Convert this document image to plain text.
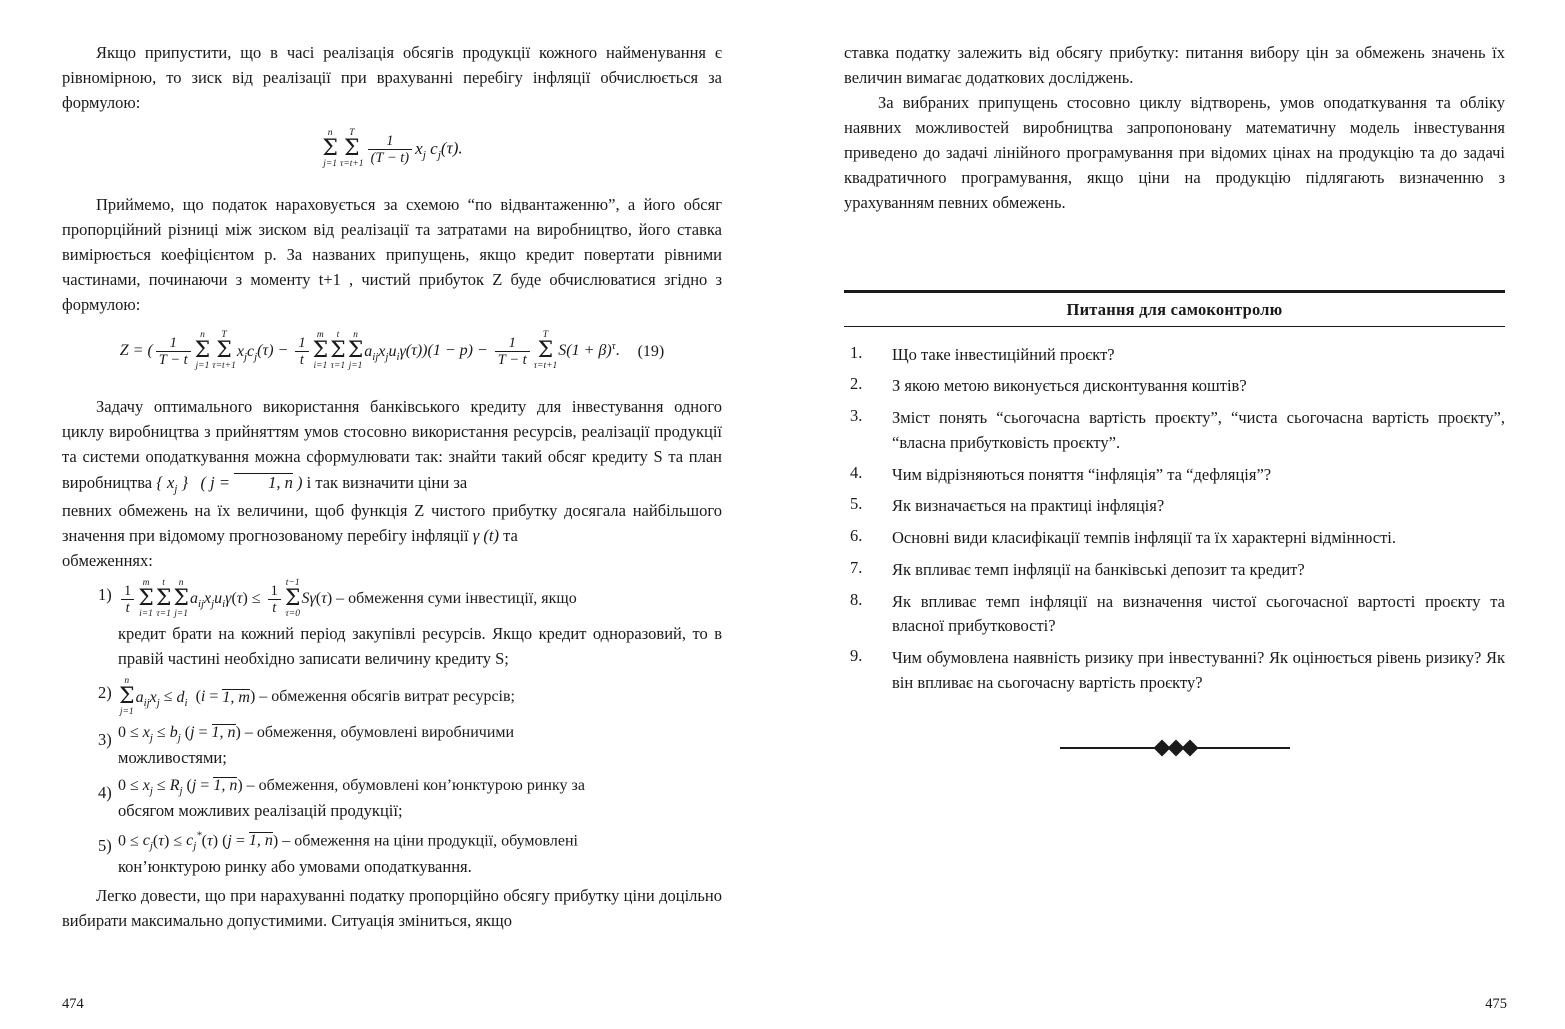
Якщо припустити, що в часі реалізація обсягів продукції кожного найменування є рівномірною, то зиск від реалізації при врахуванні перебігу інфляції обчислюється за формулою:

n
Σ
j=1
T
Σ
$\tau=t+1 \frac{1}{(T - t)} x_j$ $c_j(\tau)$.

Приймемо, що податок нараховується за схемою “по відвантаженню”, а його обсяг пропорційний різниці між зиском від реалізації та затратами на виробництво, його ставка вимірюється коефіцієнтом p. За названих припущень, якщо кредит повертати рівними частинами, починаючи з моменту t+1 , чистий прибуток Z буде обчислюватися згідно з формулою:

Z = ( $\frac{1}{T - t}$ n
Σ
j=1
T
Σ
τ=t+1
$x_jc_j(\tau) - \frac{1}{t}$ m
Σ
i=1
t
Σ
τ=1
n
Σ
j=1
$a_{ij}x_ju_i\gamma(\tau))(1 - p) - \frac{1}{T - t}$	T
Σ
τ=t+1
$S(1 + \beta)^\tau$. (19)

Задачу оптимального використання банківського кредиту для інвестування одного циклу виробництва з прийняттям умов стосовно використання ресурсів, реалізації продукції та системи оподаткування можна сформулювати так: знайти такий обсяг кредиту S та план виробництва { $x_j$ }   ( j = 1, n ) і так визначити ціни за

певних обмежень на їх величини, щоб функція Z чистого прибутку досягала найбільшого значення при відомому прогнозованому перебігу інфляції γ (t) та

обмеженнях:

$1) \frac{1}{t}$ m
Σ
i=1
t
Σ
τ=1
n
Σ
j=1
$a_{ij}x_ju_i\gamma(\tau) \le \frac{1}{t} t-1$
Σ
τ=0
Sγ(τ) – обмеження суми інвестиції, якщо
кредит брати на кожний період закупівлі ресурсів. Якщо кредит одноразовий, то в правій частині необхідно записати величину кредиту S;
2)
n
Σ
j=1
$a_{ij}x_j \le d_i$  (i = 1, m) – обмеження обсягів витрат ресурсів;
3) $0 \le x_j \le b_j$ (j = 1, n) – обмеження, обумовлені виробничими
можливостями;
4) $0 \le x_j \le R_j$ (j = 1, n) – обмеження, обумовлені кон’юнктурою ринку за
обсягом можливих реалізацій продукції;
5) $0 \le c_j(\tau) \le c_j^*(\tau) (j = 1$, n) – обмеження на ціни продукції, обумовлені
кон’юнктурою ринку або умовами оподаткування.

Легко довести, що при нарахуванні податку пропорційно обсягу прибутку ціни доцільно вибирати максимально допустимими. Ситуація зміниться, якщо

474

ставка податку залежить від обсягу прибутку: питання вибору цін за обмежень значень їх величин вимагає додаткових досліджень.

За вибраних припущень стосовно циклу відтворень, умов оподаткування та обліку наявних можливостей виробництва запропоновану математичну модель інвестування приведено до задачі лінійного програмування при відомих цінах на продукцію та до задачі квадратичного програмування, якщо ціни на продукцію підлягають визначенню з урахуванням певних обмежень.

Питання для самоконтролю
1.	Що таке інвестиційний проєкт?
2.	З якою метою виконується дисконтування коштів?
3.	Зміст понять “сьогочасна вартість проєкту”, “чиста сьогочасна вартість проєкту”, “власна прибутковість проєкту”.
4.	Чим відрізняються поняття “інфляція” та “дефляція”?
5.	Як визначається на практиці інфляція?
6.	Основні види класифікації темпів інфляції та їх характерні відмінності.
7.	Як впливає темп інфляції на банківські депозит та кредит?
8.	Як впливає темп інфляції на визначення чистої сьогочасної вартості проєкту та власної прибутковості?
9.	Чим обумовлена наявність ризику при інвестуванні? Як оцінюється рівень ризику? Як він впливає на сьогочасну вартість проєкту?
475
